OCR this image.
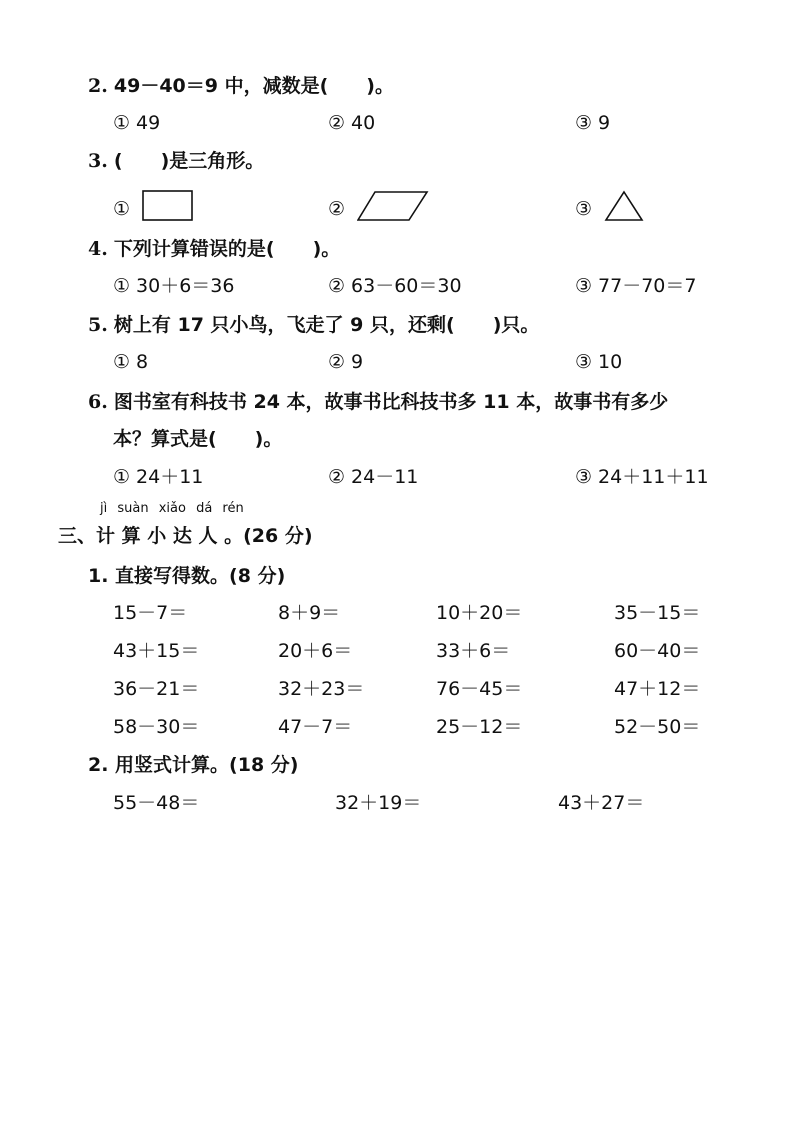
2. 49－40＝9 中，减数是(　　)。
① 49	② 40	③ 9
3. (　　)是三角形。
①	②	③
4. 下列计算错误的是(　　)。
① 30＋6＝36	② 63－60＝30	③ 77－70＝7
5. 树上有 17 只小鸟，飞走了 9 只，还剩(　　)只。
① 8	② 9	③ 10
6. 图书室有科技书 24 本，故事书比科技书多 11 本，故事书有多少
本？算式是(　　)。
① 24＋11	② 24－11	③ 24＋11＋11
jì suàn xiǎo dá rén
三、计 算 小 达 人 。(26 分)
1. 直接写得数。(8 分)
15－7＝	8＋9＝	10＋20＝	35－15＝
43＋15＝	20＋6＝	33＋6＝	60－40＝
36－21＝	32＋23＝	76－45＝	47＋12＝
58－30＝	47－7＝	25－12＝	52－50＝
2. 用竖式计算。(18 分)
55－48＝	32＋19＝	43＋27＝
